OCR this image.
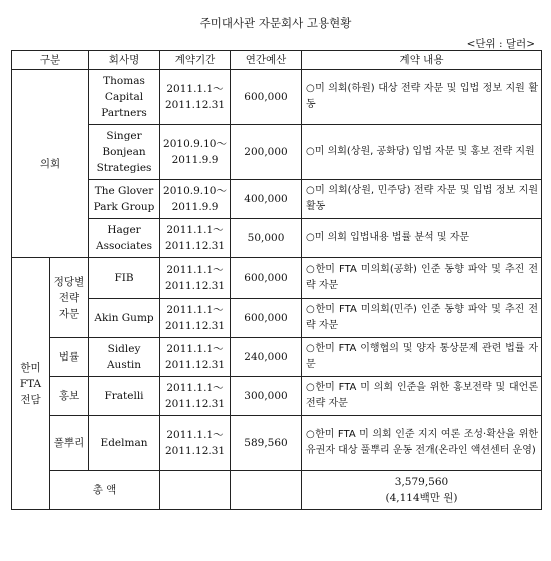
주미대사관 자문회사 고용현황
<단위 : 달러>
구분		회사명	계약기간	연간예산	계약 내용	
의회		Thomas Capital Partners	2011.1.1～ 2011.12.31	600,000	○미 의회(하원) 대상 전략 자문 및 입법 정보 지원 활동	
		Singer Bonjean Strategies	2010.9.10～ 2011.9.9	200,000	○미 의회(상원, 공화당) 입법 자문 및 홍보 전략 지원	
		The Glover Park Group	2010.9.10～ 2011.9.9	400,000	○미 의회(상원, 민주당) 전략 자문 및 입법 정보 지원 활동	
		Hager Associates	2011.1.1～ 2011.12.31	50,000	○미 의회 입법내용 법률 분석 및 자문	
한미 FTA 전담	정당별 전략 자문	FIB	2011.1.1～ 2011.12.31	600,000	○한미 FTA 미의회(공화) 인준 동향 파악 및 추진 전략 자문	
		Akin Gump	2011.1.1～ 2011.12.31	600,000	○한미 FTA 미의회(민주) 인준 동향 파악 및 추진 전략 자문	
	법률	Sidley Austin	2011.1.1～ 2011.12.31	240,000	○한미 FTA 이행협의 및 양자 통상문제 관련 법률 자문	
	홍보	Fratelli	2011.1.1～ 2011.12.31	300,000	○한미 FTA 미 의회 인준을 위한 홍보전략 및 대언론 전략 자문	
	풀뿌리	Edelman	2011.1.1～ 2011.12.31	589,560	○한미 FTA 미 의회 인준 지지 여론 조성·확산을 위한 유권자 대상 풀뿌리 운동 전개(온라인 액션센터 운영)	
	총 액				3,579,560
(4,114백만 원)	
